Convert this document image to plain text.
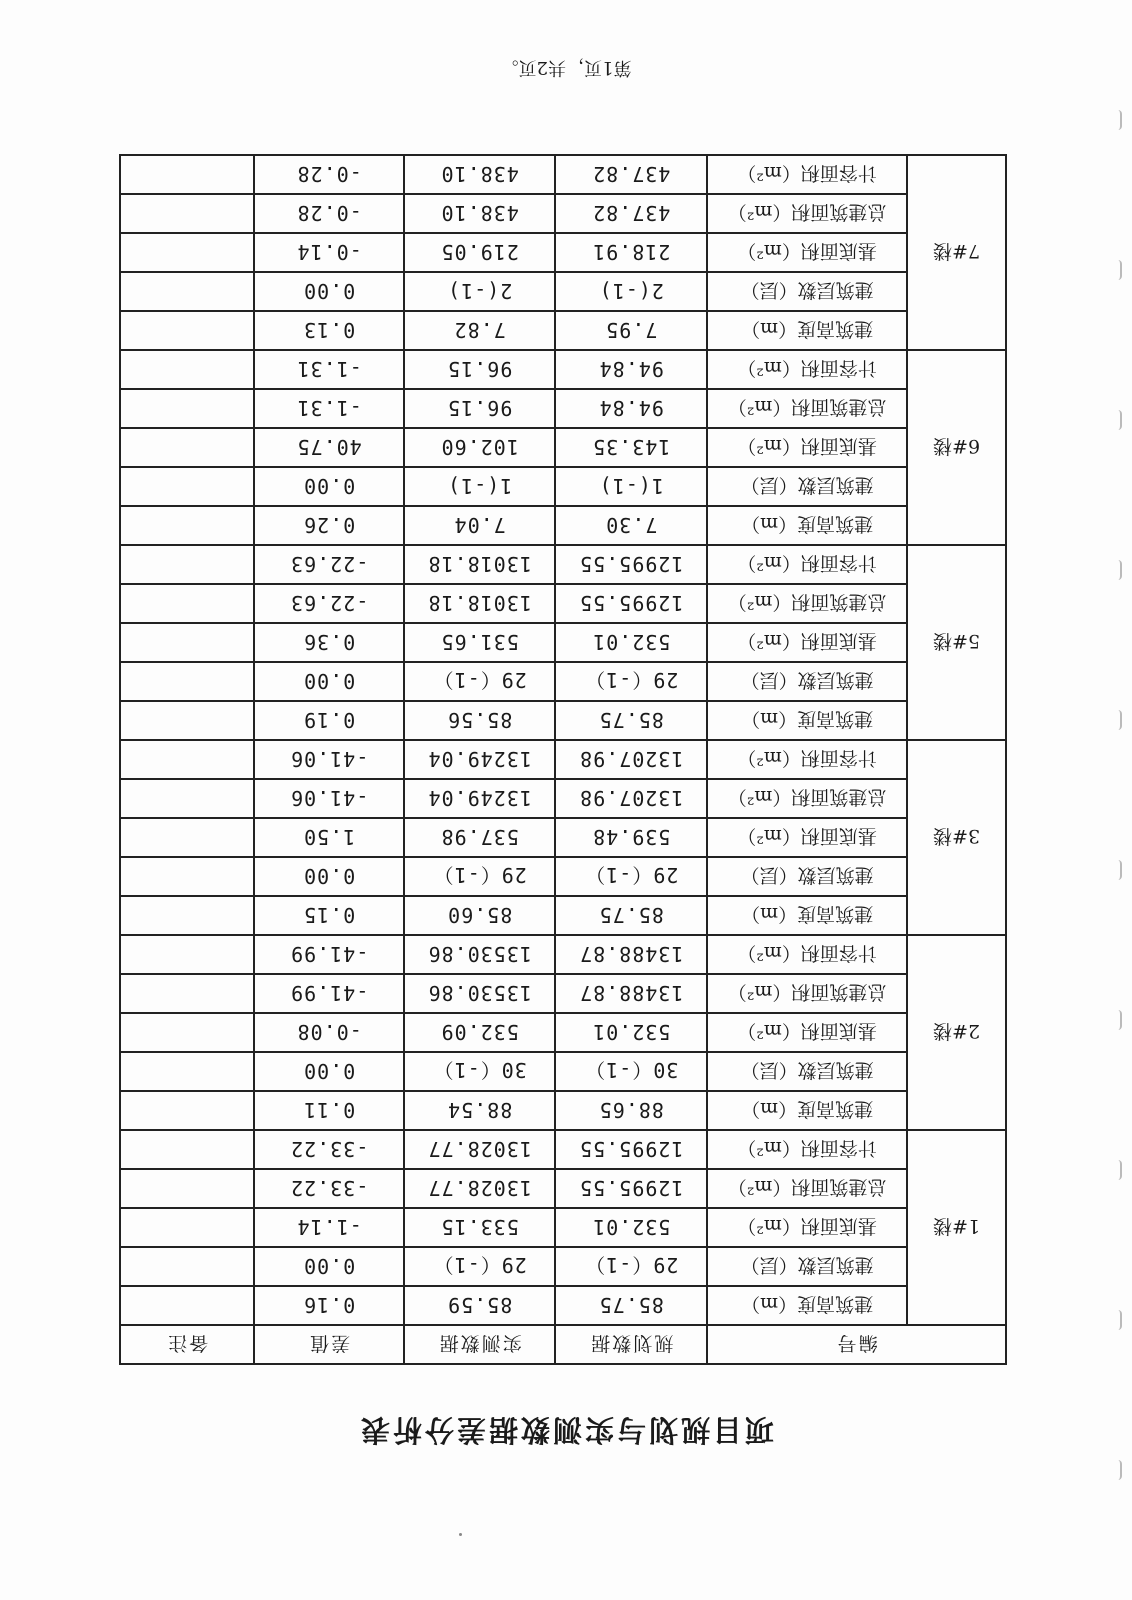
项目规划与实测数据差分析表
编号		规划数据	实测数据	差值	备注
1#楼	建筑高度（m）	85.75	85.59	0.16	
	建筑层数（层）	29（-1）	29（-1）	0.00	
	基底面积（m²）	532.01	533.15	-1.14	
	总建筑面积（m²）	12995.55	13028.77	-33.22	
	计容面积（m²）	12995.55	13028.77	-33.22	
2#楼	建筑高度（m）	88.65	88.54	0.11	
	建筑层数（层）	30（-1）	30（-1）	0.00	
	基底面积（m²）	532.01	532.09	-0.08	
	总建筑面积（m²）	13488.87	13530.86	-41.99	
	计容面积（m²）	13488.87	13530.86	-41.99	
3#楼	建筑高度（m）	85.75	85.60	0.15	
	建筑层数（层）	29（-1）	29（-1）	0.00	
	基底面积（m²）	539.48	537.98	1.50	
	总建筑面积（m²）	13207.98	13249.04	-41.06	
	计容面积（m²）	13207.98	13249.04	-41.06	
5#楼	建筑高度（m）	85.75	85.56	0.19	
	建筑层数（层）	29（-1）	29（-1）	0.00	
	基底面积（m²）	532.01	531.65	0.36	
	总建筑面积（m²）	12995.55	13018.18	-22.63	
	计容面积（m²）	12995.55	13018.18	-22.63	
6#楼	建筑高度（m）	7.30	7.04	0.26	
	建筑层数（层）	1(-1)	1(-1)	0.00	
	基底面积（m²）	143.35	102.60	40.75	
	总建筑面积（m²）	94.84	96.15	-1.31	
	计容面积（m²）	94.84	96.15	-1.31	
7#楼	建筑高度（m）	7.95	7.82	0.13	
	建筑层数（层）	2(-1)	2(-1)	0.00	
	基底面积（m²）	218.91	219.05	-0.14	
	总建筑面积（m²）	437.82	438.10	-0.28	
	计容面积（m²）	437.82	438.10	-0.28	
第1页，共2页。
